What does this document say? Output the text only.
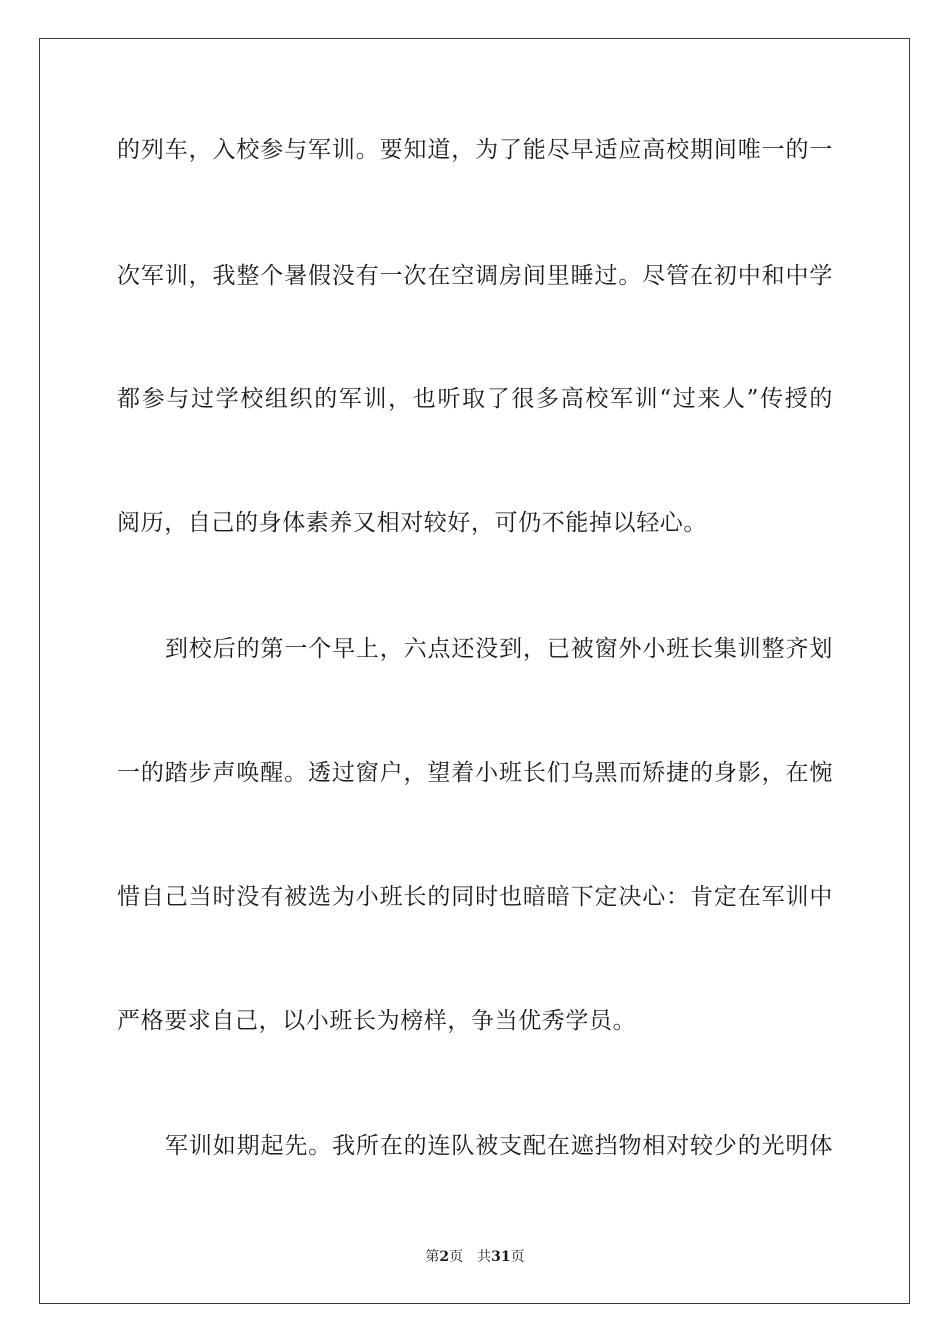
的列车，入校参与军训。要知道，为了能尽早适应高校期间唯一的一
次军训，我整个暑假没有一次在空调房间里睡过。尽管在初中和中学
都参与过学校组织的军训，也听取了很多高校军训“过来人”传授的
阅历，自己的身体素养又相对较好，可仍不能掉以轻心。
到校后的第一个早上，六点还没到，已被窗外小班长集训整齐划
一的踏步声唤醒。透过窗户，望着小班长们乌黑而矫捷的身影，在惋
惜自己当时没有被选为小班长的同时也暗暗下定决心：肯定在军训中
严格要求自己，以小班长为榜样，争当优秀学员。
军训如期起先。我所在的连队被支配在遮挡物相对较少的光明体
第2页 共31页
